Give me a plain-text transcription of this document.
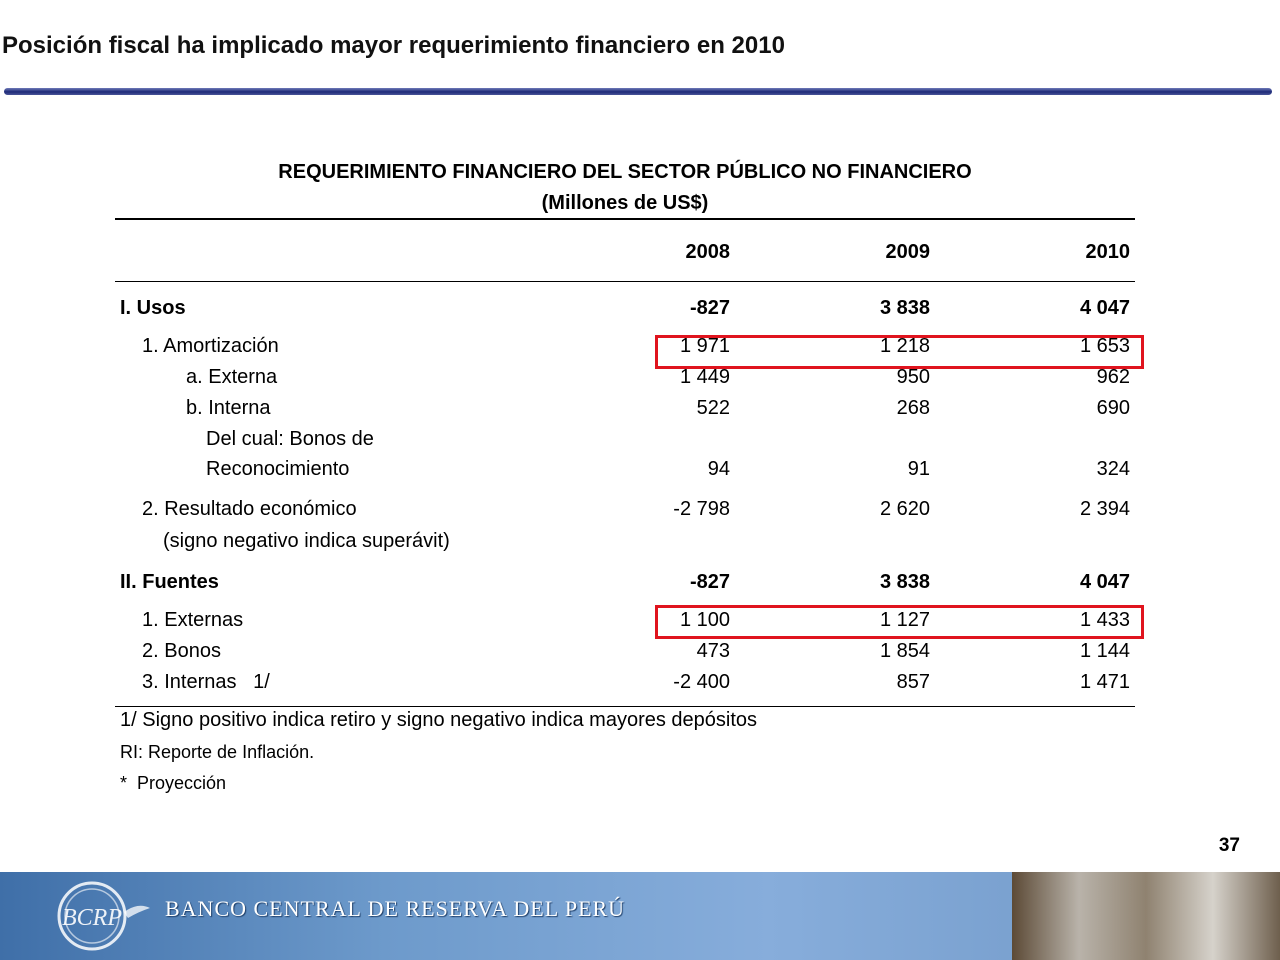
Posición fiscal ha implicado mayor requerimiento financiero en 2010
REQUERIMIENTO FINANCIERO DEL SECTOR PÚBLICO NO FINANCIERO
(Millones de US$)
2008	2009	2010
I. Usos	-827	3 838	4 047
1. Amortización	1 971	1 218	1 653
a. Externa	1 449	950	962
b. Interna	522	268	690
Del cual: Bonos de
Reconocimiento	94	91	324
2. Resultado económico	-2 798	2 620	2 394
(signo negativo indica superávit)
II. Fuentes	-827	3 838	4 047
1. Externas	1 100	1 127	1 433
2. Bonos	473	1 854	1 144
3. Internas   1/	-2 400	857	1 471
1/ Signo positivo indica retiro y signo negativo indica mayores depósitos
RI: Reporte de Inflación.
*  Proyección
37
BCRP BANCO CENTRAL DE RESERVA DEL PERÚ
